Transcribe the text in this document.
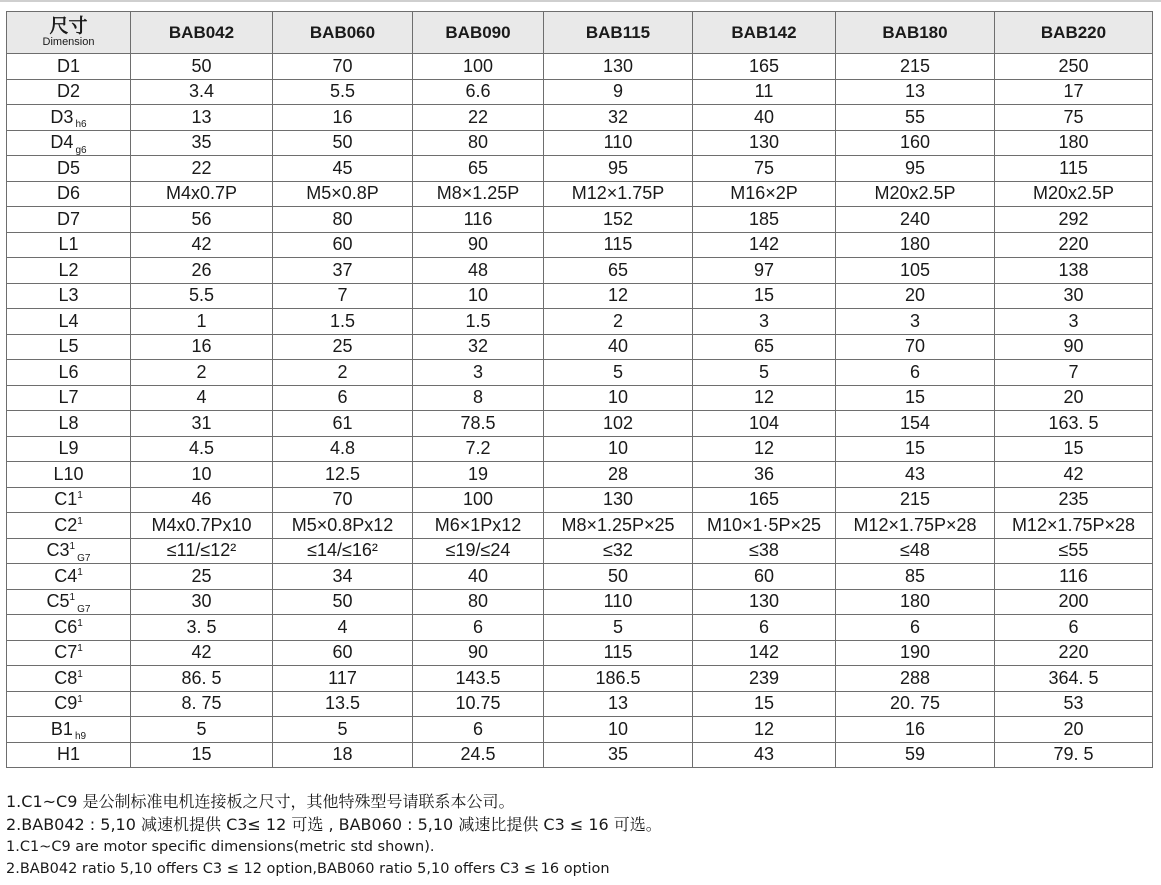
尺寸
Dimension	BAB042	BAB060	BAB090	BAB115	BAB142	BAB180	BAB220
D1	50	70	100	130	165	215	250
D2	3.4	5.5	6.6	9	11	13	17
D3 $_{h6}$	13	16	22	32	40	55	75
D4 $_{g6}$	35	50	80	110	130	160	180
D5	22	45	65	95	75	95	115
D6	M4x0.7P	M5×0.8P	M8×1.25P	M12×1.75P	M16×2P	M20x2.5P	M20x2.5P
D7	56	80	116	152	185	240	292
L1	42	60	90	115	142	180	220
L2	26	37	48	65	97	105	138
L3	5.5	7	10	12	15	20	30
L4	1	1.5	1.5	2	3	3	3
L5	16	25	32	40	65	70	90
L6	2	2	3	5	5	6	7
L7	4	6	8	10	12	15	20
L8	31	61	78.5	102	104	154	163. 5
L9	4.5	4.8	7.2	10	12	15	15
L10	10	12.5	19	28	36	43	42
$C1^1$	46	70	100	130	165	215	235
$C2^1$	M4x0.7Px10	M5×0.8Px12	M6×1Px12	M8×1.25P×25	M10×1·5P×25	M12×1.75P×28	M12×1.75P×28
$C3^1_{G7}$	≤11/≤12²	≤14/≤16²	≤19/≤24	≤32	≤38	≤48	≤55
$C4^1$	25	34	40	50	60	85	116
$C5^1_{G7}$	30	50	80	110	130	180	200
$C6^1$	3. 5	4	6	5	6	6	6
$C7^1$	42	60	90	115	142	190	220
$C8^1$	86. 5	117	143.5	186.5	239	288	364. 5
$C9^1$	8. 75	13.5	10.75	13	15	20. 75	53
B1 $_{h9}$	5	5	6	10	12	16	20
H1	15	18	24.5	35	43	59	79. 5
1.C1~C9 是公制标准电机连接板之尺寸，其他特殊型号请联系本公司。
2.BAB042 : 5,10 减速机提供 C3≤ 12 可选 , BAB060 : 5,10 减速比提供 C3 ≤ 16 可选。
1.C1~C9 are motor specific dimensions(metric std shown).
2.BAB042 ratio 5,10 offers C3 ≤ 12 option,BAB060 ratio 5,10 offers C3 ≤ 16 option
